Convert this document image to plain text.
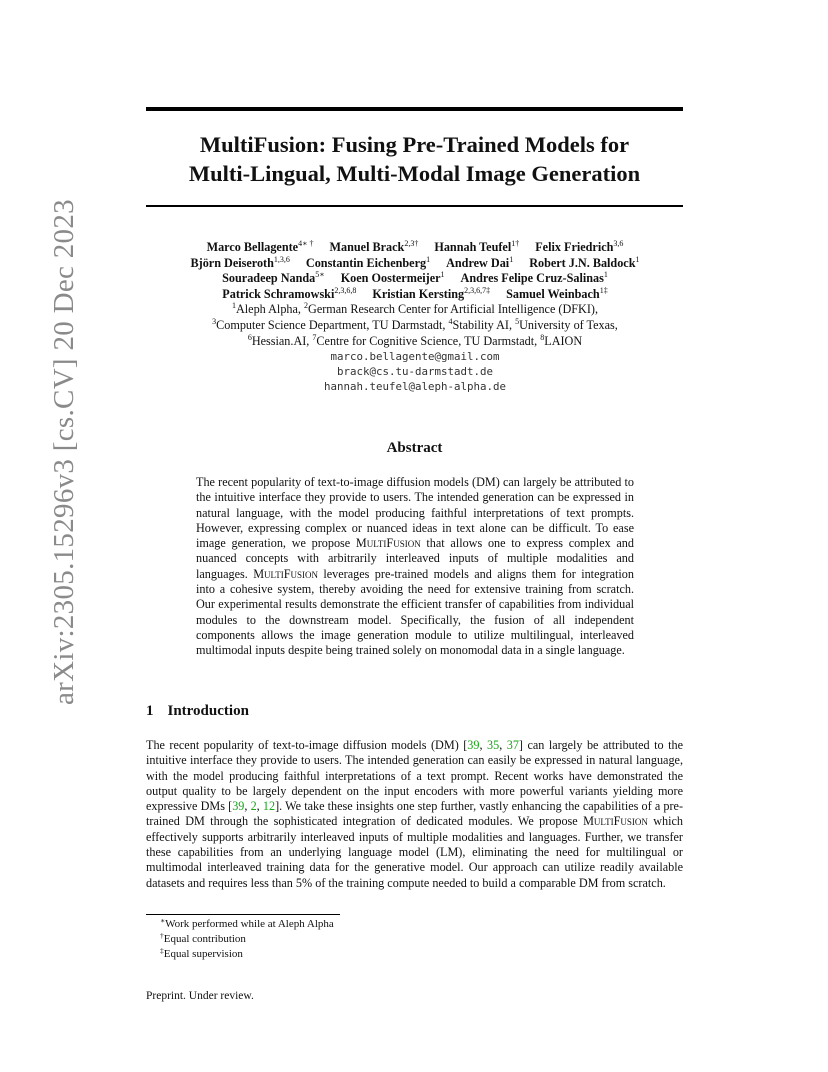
arXiv:2305.15296v3 [cs.CV] 20 Dec 2023
MultiFusion: Fusing Pre-Trained Models for
Multi-Lingual, Multi-Modal Image Generation
Marco Bellagente$^{4∗ \dagger}$ Manuel Brack$^{2,3\dagger}$ Hannah Teufel$^{1\dagger}$ Felix Friedrich$^{3,6}$
Björn Deiseroth$^{1,3,6}$ Constantin Eichenberg$^1$ Andrew Dai$^1$ Robert J.N. Baldock$^1$
Souradeep Nanda$^{5∗}$ Koen Oostermeijer$^1$ Andres Felipe Cruz-Salinas$^1$
Patrick Schramowski$^{2,3,6,8}$ Kristian Kersting$^{2,3,6,7\ddagger}$ Samuel Weinbach$^{1\ddagger}$
$^1$Aleph Alpha, $^2$German Research Center for Artificial Intelligence (DFKI),
$^3$Computer Science Department, TU Darmstadt, $^4$Stability AI, $^5$University of Texas,
$^6$Hessian.AI, $^7$Centre for Cognitive Science, TU Darmstadt, $^8$LAION
marco.bellagente@gmail.com
brack@cs.tu-darmstadt.de
hannah.teufel@aleph-alpha.de
Abstract
The recent popularity of text-to-image diffusion models (DM) can largely be attributed to the intuitive interface they provide to users. The intended generation can be expressed in natural language, with the model producing faithful interpretations of text prompts. However, expressing complex or nuanced ideas in text alone can be difficult. To ease image generation, we propose MultiFusion that allows one to express complex and nuanced concepts with arbitrarily interleaved inputs of multiple modalities and languages. MultiFusion leverages pre-trained models and aligns them for integration into a cohesive system, thereby avoiding the need for extensive training from scratch. Our experimental results demonstrate the efficient transfer of capabilities from individual modules to the downstream model. Specifically, the fusion of all independent components allows the image generation module to utilize multilingual, interleaved multimodal inputs despite being trained solely on monomodal data in a single language.
1 Introduction
The recent popularity of text-to-image diffusion models (DM) [39, 35, 37] can largely be attributed to the intuitive interface they provide to users. The intended generation can easily be expressed in natural language, with the model producing faithful interpretations of a text prompt. Recent works have demonstrated the output quality to be largely dependent on the input encoders with more powerful variants yielding more expressive DMs [39, 2, 12]. We take these insights one step further, vastly enhancing the capabilities of a pre-trained DM through the sophisticated integration of dedicated modules. We propose MultiFusion which effectively supports arbitrarily interleaved inputs of multiple modalities and languages. Further, we transfer these capabilities from an underlying language model (LM), eliminating the need for multilingual or multimodal interleaved training data for the generative model. Our approach can utilize readily available datasets and requires less than 5% of the training compute needed to build a comparable DM from scratch.
∗Work performed while at Aleph Alpha
†Equal contribution
‡Equal supervision
Preprint. Under review.
